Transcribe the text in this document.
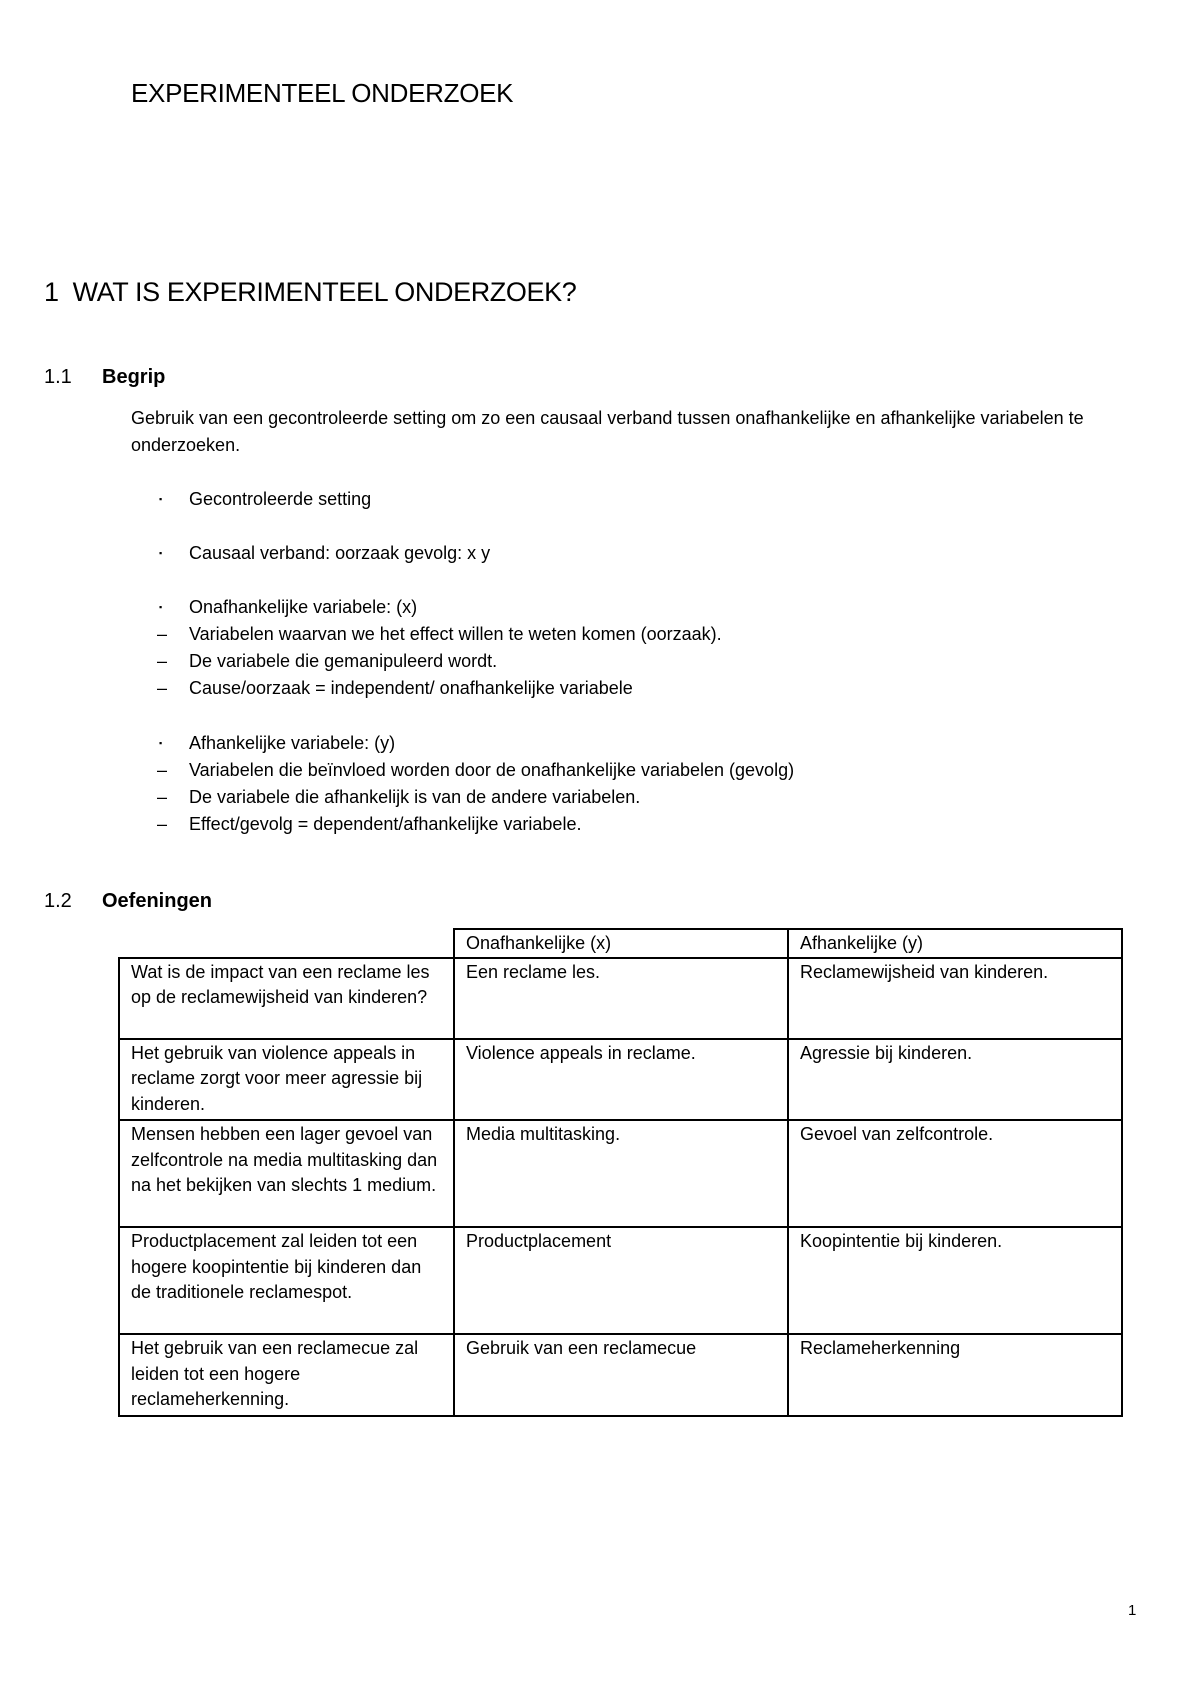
EXPERIMENTEEL ONDERZOEK
1 WAT IS EXPERIMENTEEL ONDERZOEK?
1.1 Begrip

Gebruik van een gecontroleerde setting om zo een causaal verband tussen onafhankelijke en afhankelijke variabelen te onderzoeken.

▪	Gecontroleerde setting
▪	Causaal verband: oorzaak gevolg: x y
▪	Onafhankelijke variabele: (x)
–	Variabelen waarvan we het effect willen te weten komen (oorzaak).
–	De variabele die gemanipuleerd wordt.
–	Cause/oorzaak = independent/ onafhankelijke variabele
▪	Afhankelijke variabele: (y)
–	Variabelen die beïnvloed worden door de onafhankelijke variabelen (gevolg)
–	De variabele die afhankelijk is van de andere variabelen.
–	Effect/gevolg = dependent/afhankelijke variabele.
1.2 Oefeningen
	Onafhankelijke (x)	Afhankelijke (y)
Wat is de impact van een reclame les op de reclamewijsheid van kinderen?	Een reclame les.	Reclamewijsheid van kinderen.
Het gebruik van violence appeals in reclame zorgt voor meer agressie bij kinderen.	Violence appeals in reclame.	Agressie bij kinderen.
Mensen hebben een lager gevoel van zelfcontrole na media multitasking dan na het bekijken van slechts 1 medium.	Media multitasking.	Gevoel van zelfcontrole.
Productplacement zal leiden tot een hogere koopintentie bij kinderen dan de traditionele reclamespot.	Productplacement	Koopintentie bij kinderen.
Het gebruik van een reclamecue zal leiden tot een hogere reclameherkenning.	Gebruik van een reclamecue	Reclameherkenning
1
